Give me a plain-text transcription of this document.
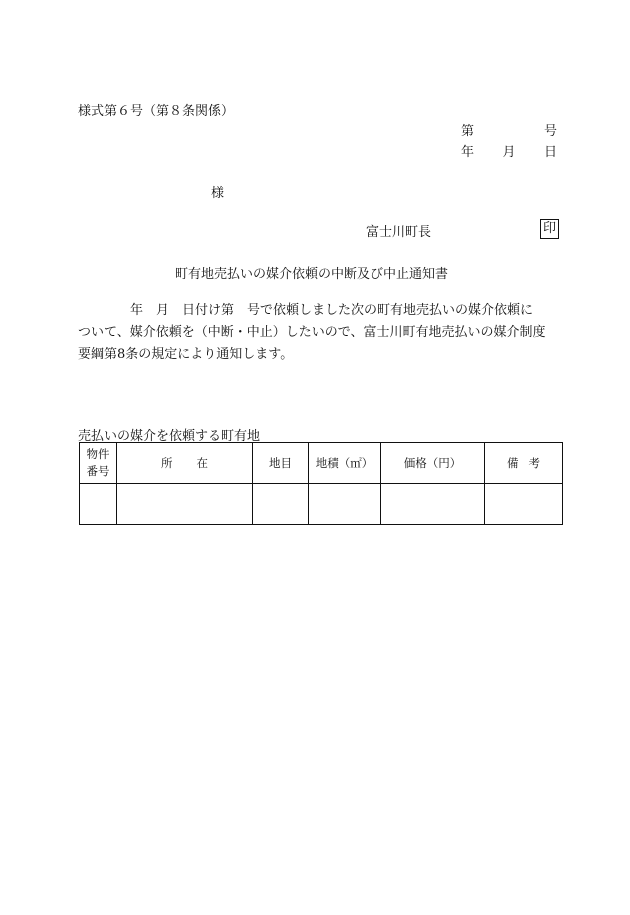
様式第６号（第８条関係）
第	号
年 月 日
様
富士川町長	印
町有地売払いの媒介依頼の中断及び中止通知書

年　月　日付け第　号で依頼しました次の町有地売払いの媒介依頼に

ついて、媒介依頼を（中断・中止）したいので、富士川町有地売払いの媒介制度

要綱第8条の規定により通知します。

売払いの媒介を依頼する町有地
物件
番号	所在	地目	地積（㎡）	価格（円）	備考
